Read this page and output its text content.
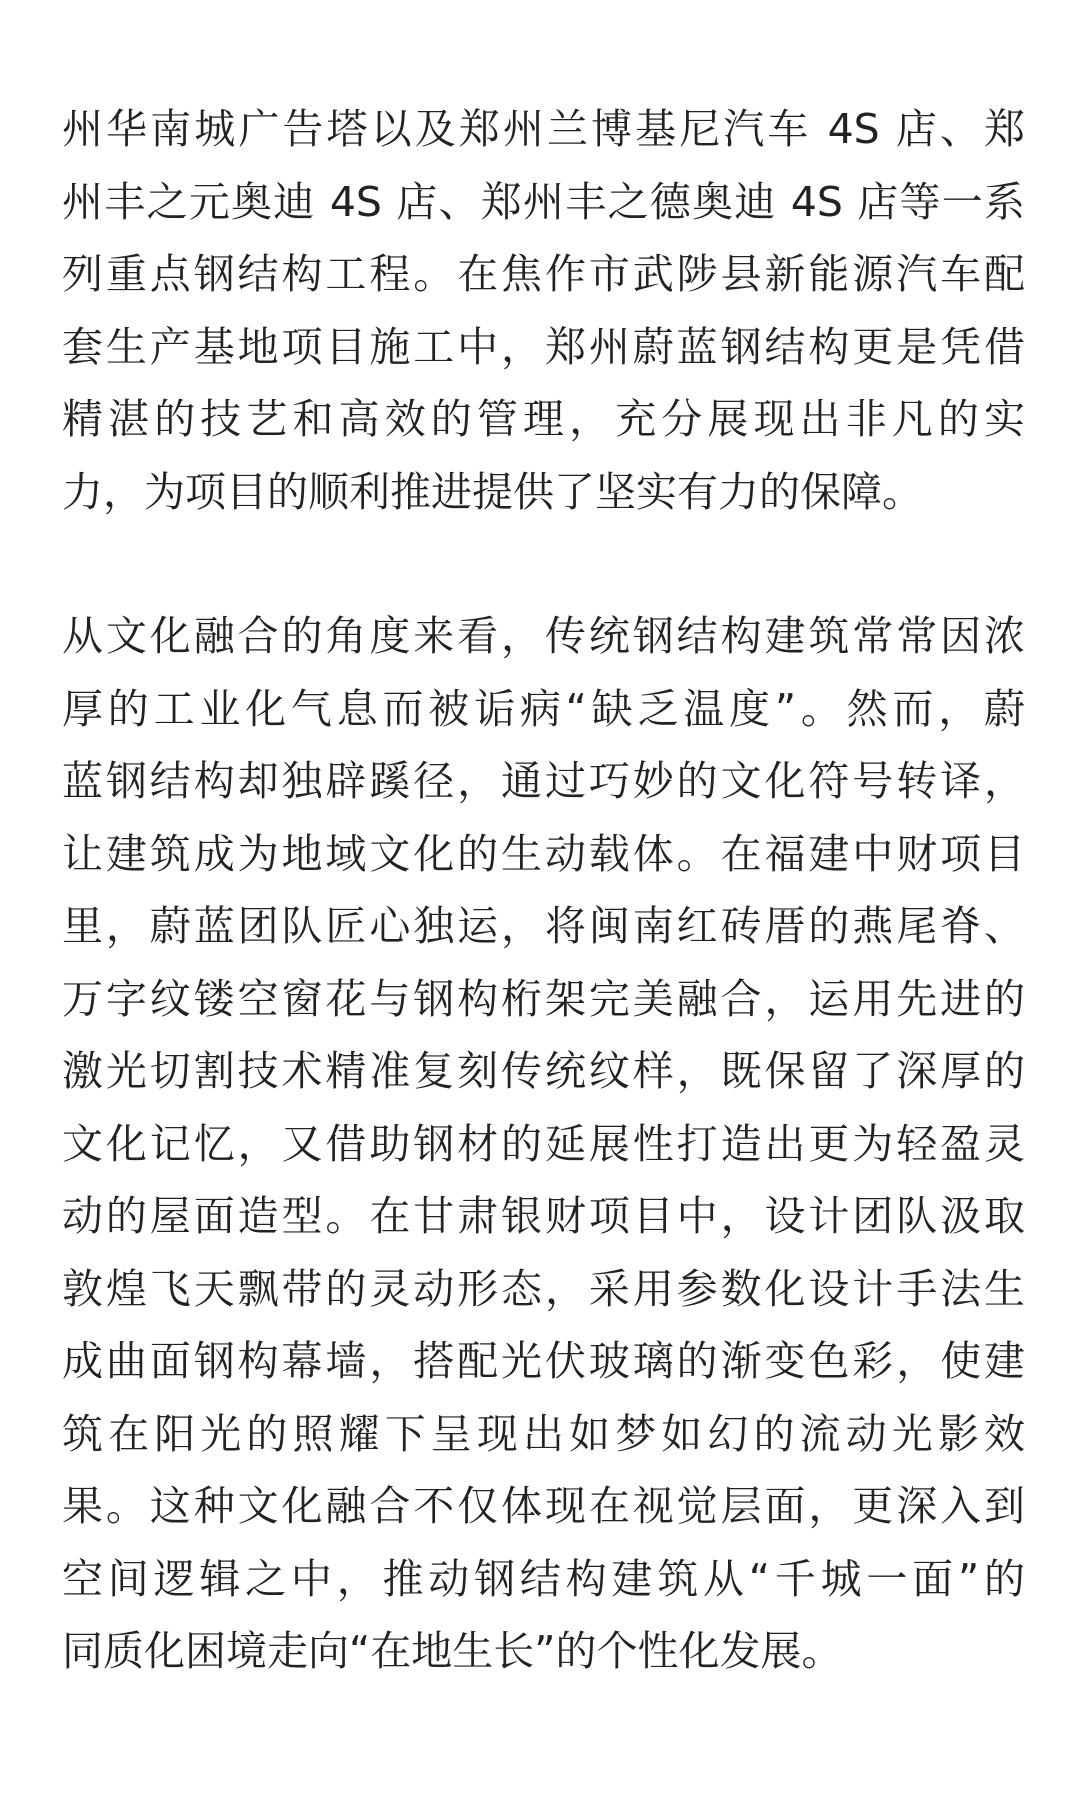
州华南城广告塔以及郑州兰博基尼汽车 4S 店、郑
州丰之元奥迪 4S 店、郑州丰之德奥迪 4S 店等一系
列重点钢结构工程。在焦作市武陟县新能源汽车配
套生产基地项目施工中，郑州蔚蓝钢结构更是凭借
精湛的技艺和高效的管理，充分展现出非凡的实
力，为项目的顺利推进提供了坚实有力的保障。
从文化融合的角度来看，传统钢结构建筑常常因浓
厚的工业化气息而被诟病“缺乏温度”。然而，蔚
蓝钢结构却独辟蹊径，通过巧妙的文化符号转译，
让建筑成为地域文化的生动载体。在福建中财项目
里，蔚蓝团队匠心独运，将闽南红砖厝的燕尾脊、
万字纹镂空窗花与钢构桁架完美融合，运用先进的
激光切割技术精准复刻传统纹样，既保留了深厚的
文化记忆，又借助钢材的延展性打造出更为轻盈灵
动的屋面造型。在甘肃银财项目中，设计团队汲取
敦煌飞天飘带的灵动形态，采用参数化设计手法生
成曲面钢构幕墙，搭配光伏玻璃的渐变色彩，使建
筑在阳光的照耀下呈现出如梦如幻的流动光影效
果。这种文化融合不仅体现在视觉层面，更深入到
空间逻辑之中，推动钢结构建筑从“千城一面”的
同质化困境走向“在地生长”的个性化发展。
